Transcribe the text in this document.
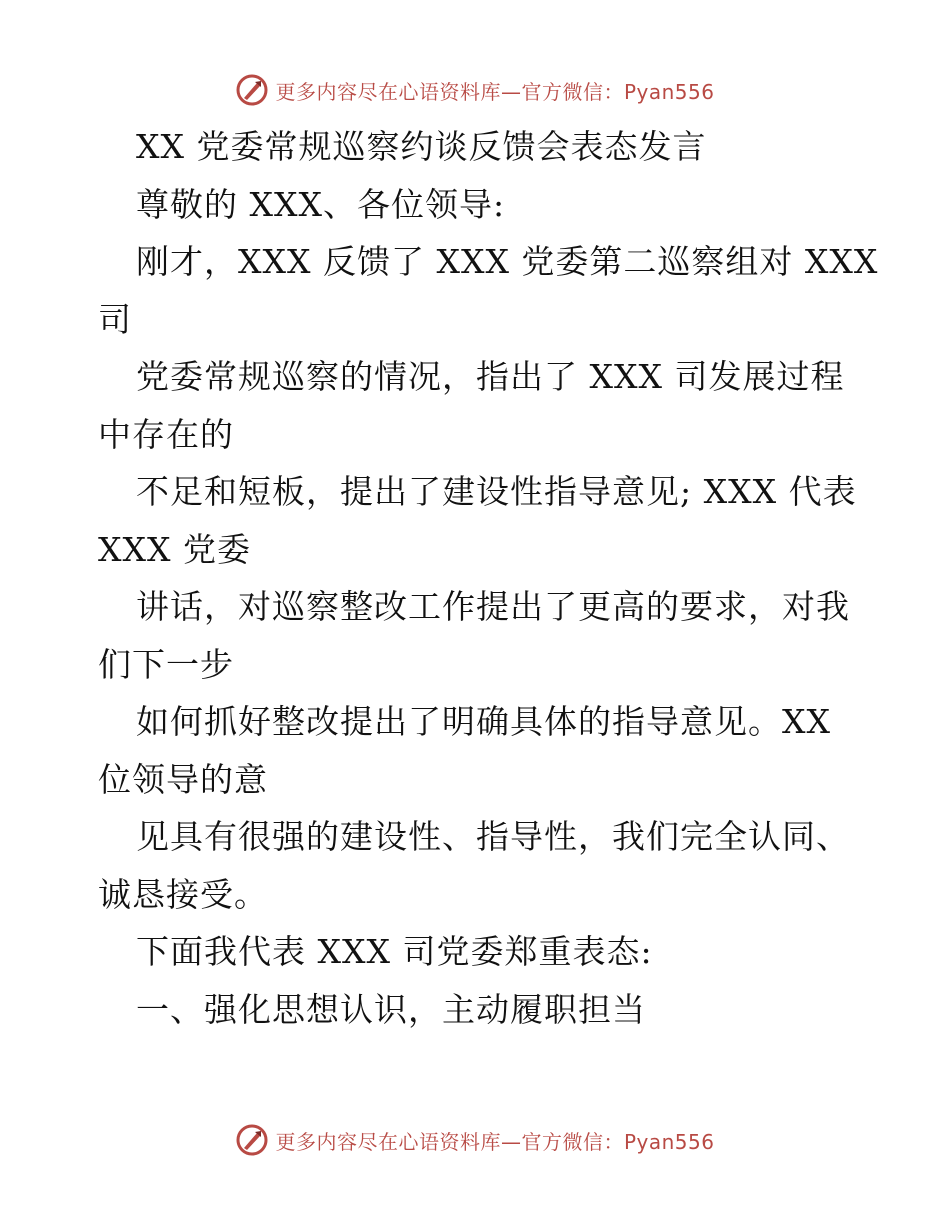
更多内容尽在心语资料库—官方微信：Pyan556
XX 党委常规巡察约谈反馈会表态发言
尊敬的 XXX、各位领导:
刚才，XXX 反馈了 XXX 党委第二巡察组对 XXX
司
党委常规巡察的情况，指出了 XXX 司发展过程
中存在的
不足和短板，提出了建设性指导意见; XXX 代表
XXX 党委
讲话，对巡察整改工作提出了更高的要求，对我
们下一步
如何抓好整改提出了明确具体的指导意见。XX
位领导的意
见具有很强的建设性、指导性，我们完全认同、
诚恳接受。
下面我代表 XXX 司党委郑重表态:
一、强化思想认识，主动履职担当
更多内容尽在心语资料库—官方微信：Pyan556
